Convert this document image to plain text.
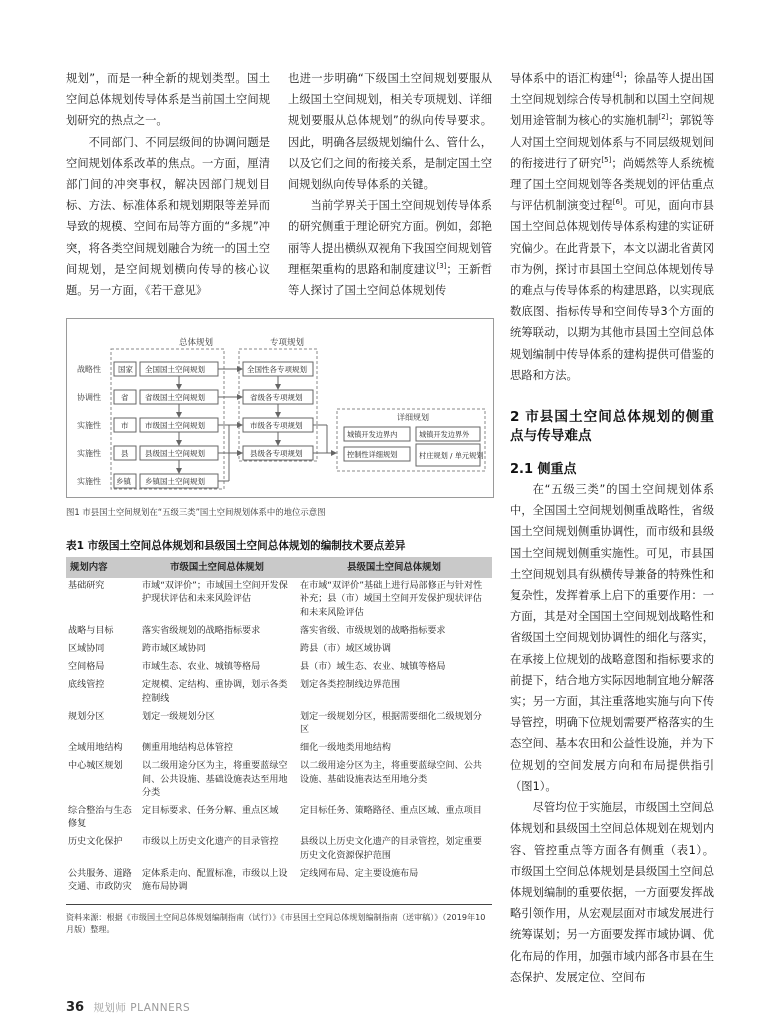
规划”，而是一种全新的规划类型。国土空间总体规划传导体系是当前国土空间规划研究的热点之一。

不同部门、不同层级间的协调问题是空间规划体系改革的焦点。一方面，厘清部门间的冲突事权，解决因部门规划目标、方法、标准体系和规划期限等差异而导致的规模、空间布局等方面的“多规”冲突，将各类空间规划融合为统一的国土空间规划，是空间规划横向传导的核心议题。另一方面，《若干意见》

也进一步明确“下级国土空间规划要服从上级国土空间规划，相关专项规划、详细规划要服从总体规划”的纵向传导要求。因此，明确各层级规划编什么、管什么，以及它们之间的衔接关系，是制定国土空间规划纵向传导体系的关键。

当前学界关于国土空间规划传导体系的研究侧重于理论研究方面。例如，郐艳丽等人提出横纵双视角下我国空间规划管理框架重构的思路和制度建议[3]；王新哲等人探讨了国土空间总体规划传

导体系中的语汇构建[4]；徐晶等人提出国土空间规划综合传导机制和以国土空间规划用途管制为核心的实施机制[2]；郭锐等人对国土空间规划体系与不同层级规划间的衔接进行了研究[5]；尚嫣然等人系统梳理了国土空间规划等各类规划的评估重点与评估机制演变过程[6]。可见，面向市县国土空间总体规划传导体系构建的实证研究偏少。在此背景下，本文以湖北省黄冈市为例，探讨市县国土空间总体规划传导的难点与传导体系的构建思路，以实现底数底图、指标传导和空间传导3个方面的统筹联动，以期为其他市县国土空间总体规划编制中传导体系的建构提供可借鉴的思路和方法。

2 市县国土空间总体规划的侧重点与传导难点
2.1 侧重点

在“五级三类”的国土空间规划体系中，全国国土空间规划侧重战略性，省级国土空间规划侧重协调性，而市级和县级国土空间规划侧重实施性。可见，市县国土空间规划具有纵横传导兼备的特殊性和复杂性，发挥着承上启下的重要作用：一方面，其是对全国国土空间规划战略性和省级国土空间规划协调性的细化与落实，在承接上位规划的战略意图和指标要求的前提下，结合地方实际因地制宜地分解落实；另一方面，其注重落地实施与向下传导管控，明确下位规划需要严格落实的生态空间、基本农田和公益性设施，并为下位规划的空间发展方向和布局提供指引（图1）。

尽管均位于实施层，市级国土空间总体规划和县级国土空间总体规划在规划内容、管控重点等方面各有侧重（表1）。市级国土空间总体规划是县级国土空间总体规划编制的重要依据，一方面要发挥战略引领作用，从宏观层面对市域发展进行统筹谋划；另一方面要发挥市域协调、优化布局的作用，加强市域内部各市县在生态保护、发展定位、空间布

总体规划	专项规划
详细规划
战略性 国家 全国国土空间规划	全国性各专项规划
协调性	省 省级国土空间规划	省级各专项规划
实施性	市 市级国土空间规划	市级各专项规划
实施性	县 县级国土空间规划	县级各专项规划
实施性 乡镇 乡镇国土空间规划
城镇开发边界内	城镇开发边界外
控制性详细规划	村庄规划 / 单元规划
图1 市县国土空间规划在“五级三类”国土空间规划体系中的地位示意图
表1 市级国土空间总体规划和县级国土空间总体规划的编制技术要点差异
规划内容	市级国土空间总体规划	县级国土空间总体规划
基础研究	市域“双评价”；市域国土空间开发保护现状评估和未来风险评估	在市域“双评价”基础上进行局部修正与针对性补充；县（市）域国土空间开发保护现状评估和未来风险评估
战略与目标	落实省级规划的战略指标要求	落实省级、市级规划的战略指标要求
区域协同	跨市域区域协同	跨县（市）域区域协调
空间格局	市域生态、农业、城镇等格局	县（市）域生态、农业、城镇等格局
底线管控	定规模、定结构、重协调，划示各类控制线	划定各类控制线边界范围
规划分区	划定一级规划分区	划定一级规划分区，根据需要细化二级规划分区
全域用地结构	侧重用地结构总体管控	细化一级地类用地结构
中心城区规划	以二级用途分区为主，将重要蓝绿空间、公共设施、基础设施表达至用地分类	以二级用途分区为主，将重要蓝绿空间、公共设施、基础设施表达至用地分类
综合整治与生态修复	定目标要求、任务分解、重点区域	定目标任务、策略路径、重点区域、重点项目
历史文化保护	市级以上历史文化遗产的目录管控	县级以上历史文化遗产的目录管控，划定重要历史文化资源保护范围
公共服务、道路交通、市政防灾	定体系走向、配置标准，市级以上设施布局协调	定线网布局、定主要设施布局
资料来源：根据《市级国土空间总体规划编制指南（试行）》《市县国土空间总体规划编制指南（送审稿）》（2019年10月版）整理。
36 规划师 PLANNERS
